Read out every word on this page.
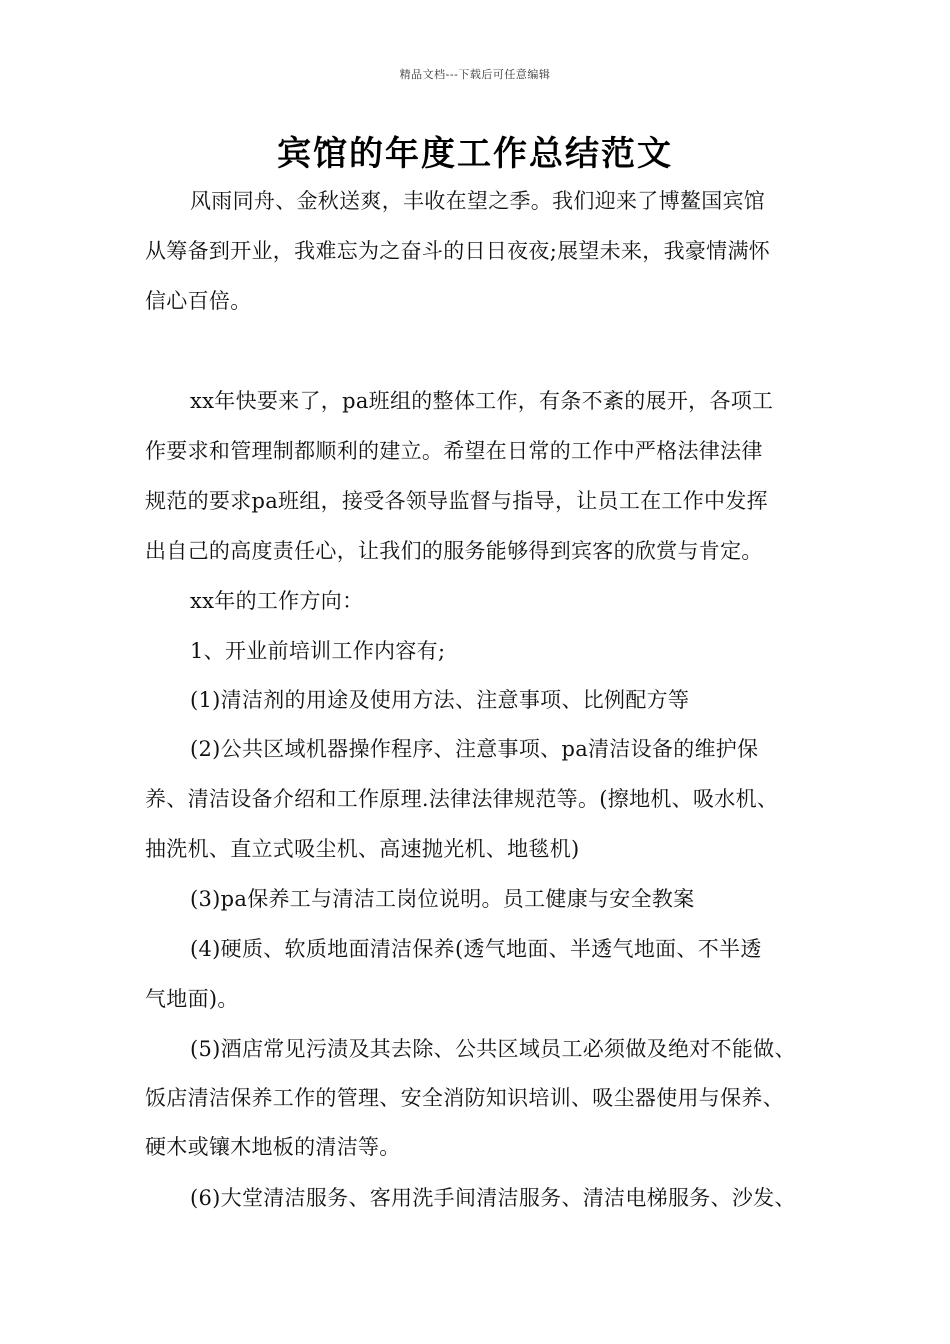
精品文档---下载后可任意编辑
宾馆的年度工作总结范文
风雨同舟、金秋送爽，丰收在望之季。我们迎来了博鳌国宾馆
从筹备到开业，我难忘为之奋斗的日日夜夜;展望未来，我豪情满怀
信心百倍。
xx年快要来了，pa班组的整体工作，有条不紊的展开，各项工
作要求和管理制都顺利的建立。希望在日常的工作中严格法律法律
规范的要求pa班组，接受各领导监督与指导，让员工在工作中发挥
出自己的高度责任心，让我们的服务能够得到宾客的欣赏与肯定。
xx年的工作方向：
1、开业前培训工作内容有;
(1)清洁剂的用途及使用方法、注意事项、比例配方等
(2)公共区域机器操作程序、注意事项、pa清洁设备的维护保
养、清洁设备介绍和工作原理.法律法律规范等。(擦地机、吸水机、
抽洗机、直立式吸尘机、高速抛光机、地毯机)
(3)pa保养工与清洁工岗位说明。员工健康与安全教案
(4)硬质、软质地面清洁保养(透气地面、半透气地面、不半透
气地面)。
(5)酒店常见污渍及其去除、公共区域员工必须做及绝对不能做、
饭店清洁保养工作的管理、安全消防知识培训、吸尘器使用与保养、
硬木或镶木地板的清洁等。
(6)大堂清洁服务、客用洗手间清洁服务、清洁电梯服务、沙发、
